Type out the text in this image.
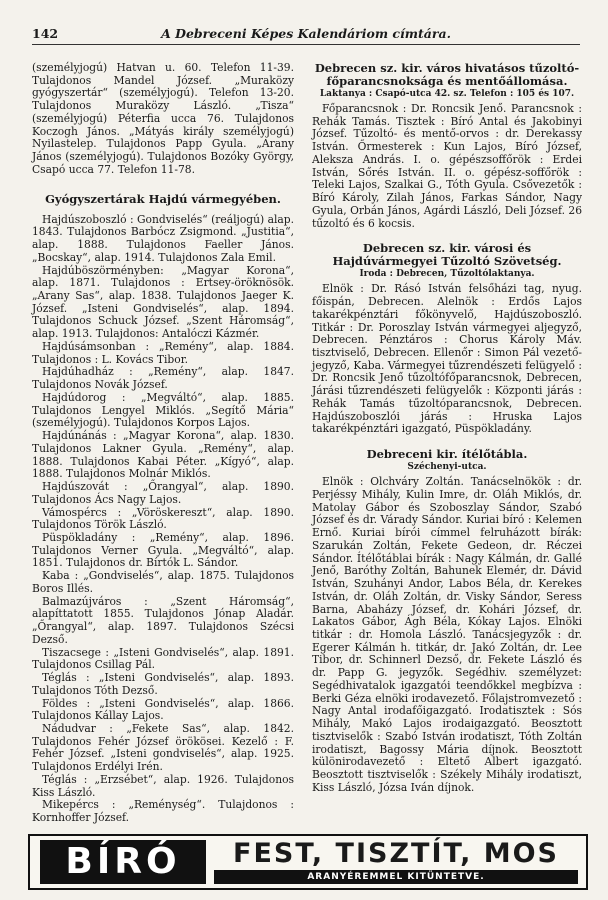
142	A Debreceni Képes Kalendáriom címtára.

(személyjogú) Hatvan u. 60. Telefon 11-39. Tulajdonos Mandel József. „Muraközy gyógyszertár“ (személyjogú). Telefon 13-20. Tulajdonos Muraközy László. „Tisza“ (személyjogú) Péterfia ucca 76. Tulajdonos Koczogh János. „Mátyás király személyjogú) Nyilastelep. Tulajdonos Papp Gyula. „Arany János (személyjogú). Tulajdonos Bozóky György, Csapó ucca 77. Telefon 11-78.

Gyógyszertárak Hajdú vármegyében.

Hajdúszoboszló : Gondviselés“ (reáljogú) alap. 1843. Tulajdonos Barbócz Zsigmond. „Justitia“, alap. 1888. Tulajdonos Faeller János. „Bocskay“, alap. 1914. Tulajdonos Zala Emil.

Hajdúböszörményben: „Magyar Korona“, alap. 1871. Tulajdonos : Ertsey-öröknösök. „Arany Sas“, alap. 1838. Tulajdonos Jaeger K. József. „Isteni Gondviselés“, alap. 1894. Tulajdonos Schuck József. „Szent Háromság“, alap. 1913. Tulajdonos: Antalóczi Kázmér.

Hajdúsámsonban : „Remény“, alap. 1884. Tulajdonos : L. Kovács Tibor.

Hajdúhadház : „Remény“, alap. 1847. Tulajdonos Novák József.

Hajdúdorog : „Megváltó“, alap. 1885. Tulajdonos Lengyel Miklós. „Segítő Mária“ (személyjogú). Tulajdonos Korpos Lajos.

Hajdúnánás : „Magyar Korona“, alap. 1830. Tulajdonos Lakner Gyula. „Remény“, alap. 1888. Tulajdonos Kabai Péter. „Kígyó“, alap. 1888. Tulajdonos Molnár Miklós.

Hajdúszovát : „Őrangyal“, alap. 1890. Tulajdonos Ács Nagy Lajos.

Vámospércs : „Vöröskereszt“, alap. 1890. Tulajdonos Török László.

Püspökladány : „Remény“, alap. 1896. Tulajdonos Verner Gyula. „Megváltó“, alap. 1851. Tulajdonos dr. Bírtók L. Sándor.

Kaba : „Gondviselés“, alap. 1875. Tulajdonos Boros Illés.

Balmazújváros : „Szent Háromság“, alapíttatott 1855. Tulajdonos Jónap Aladár. „Őrangyal“, alap. 1897. Tulajdonos Szécsi Dezső.

Tiszacsege : „Isteni Gondviselés“, alap. 1891. Tulajdonos Csillag Pál.

Téglás : „Isteni Gondviselés“, alap. 1893. Tulajdonos Tóth Dezső.

Földes : „Isteni Gondviselés“, alap. 1866. Tulajdonos Kállay Lajos.

Nádudvar : „Fekete Sas“, alap. 1842. Tulajdonos Fehér József örökösei. Kezelő : F. Fehér József. „Isteni gondviselés“, alap. 1925. Tulajdonos Erdélyi Irén.

Téglás : „Erzsébet“, alap. 1926. Tulajdonos Kiss László.

Mikepércs : „Reménység“. Tulajdonos : Kornhoffer József.

Debrecen sz. kir. város hivatásos tűzoltó-főparancsnoksága és mentőállomása.
Laktanya : Csapó-utca 42. sz. Telefon : 105 és 107.

Főparancsnok : Dr. Roncsik Jenő. Parancsnok : Rehák Tamás. Tisztek : Bíró Antal és Jakobinyi József. Tűzoltó- és mentő-orvos : dr. Derekassy István. Őrmesterek : Kun Lajos, Bíró József, Aleksza András. I. o. gépészsoffőrök : Erdei István, Sőrés István. II. o. gépész-soffőrök : Teleki Lajos, Szalkai G., Tóth Gyula. Csővezetők : Bíró Károly, Zilah János, Farkas Sándor, Nagy Gyula, Orbán János, Agárdi László, Deli József. 26 tűzoltó és 6 kocsis.

Debrecen sz. kir. városi és Hajdúvármegyei Tűzoltó Szövetség.
Iroda : Debrecen, Tűzoltólaktanya.

Elnök : Dr. Rásó István felsőházi tag, nyug. főispán, Debrecen. Alelnök : Erdős Lajos takarékpénztári főkönyvelő, Hajdúszoboszló. Titkár : Dr. Poroszlay István vármegyei aljegyző, Debrecen. Pénztáros : Chorus Károly Máv. tisztviselő, Debrecen. Ellenőr : Simon Pál vezető-jegyző, Kaba. Vármegyei tűzrendészeti felügyelő : Dr. Roncsik Jenő tűzoltófőparancsnok, Debrecen, Járási tűzrendészeti felügyelők : Központi járás : Rehák Tamás tűzoltóparancsnok, Debrecen. Hajdúszoboszlói járás : Hruska Lajos takarékpénztári igazgató, Püspökladány.

Debreceni kir. ítélőtábla.
Széchenyi-utca.

Elnök : Olchváry Zoltán. Tanácselnökök : dr. Perjéssy Mihály, Kulin Imre, dr. Oláh Miklós, dr. Matolay Gábor és Szoboszlay Sándor, Szabó József és dr. Várady Sándor. Kuriai bíró : Kelemen Ernő. Kuriai bírói címmel felruházott bírák: Szarukán Zoltán, Fekete Gedeon, dr. Réczei Sándor. Ítélőtáblai bírák : Nagy Kálmán, dr. Gallé Jenő, Baróthy Zoltán, Bahunek Elemér, dr. Dávid István, Szuhányi Andor, Labos Béla, dr. Kerekes István, dr. Oláh Zoltán, dr. Visky Sándor, Seress Barna, Abaházy József, dr. Kohári József, dr. Lakatos Gábor, Ágh Béla, Kókay Lajos. Elnöki titkár : dr. Homola László. Tanácsjegyzők : dr. Egerer Kálmán h. titkár, dr. Jakó Zoltán, dr. Lee Tibor, dr. Schinnerl Dezső, dr. Fekete László és dr. Papp G. jegyzők. Segédhiv. személyzet: Segédhivatalok igazgatói teendőkkel megbízva : Berki Géza elnöki irodavezető. Főlajstromvezető : Nagy Antal irodafőigazgató. Irodatisztek : Sós Mihály, Makó Lajos irodaigazgató. Beosztott tisztviselők : Szabó István irodatiszt, Tóth Zoltán irodatiszt, Bagossy Mária díjnok. Beosztott különirodavezető : Eltető Albert igazgató. Beosztott tisztviselők : Székely Mihály irodatiszt, Kiss László, Józsa Iván díjnok.

BÍRÓ	FEST, TISZTÍT, MOS
ARANYÉREMMEL KITÜNTETVE.
